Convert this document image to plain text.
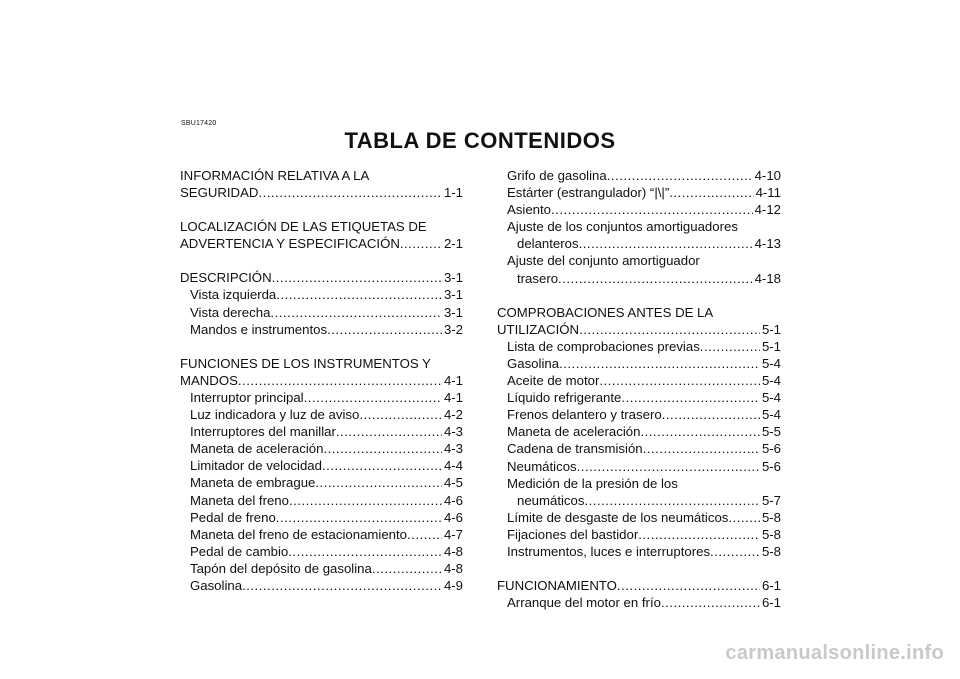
SBU17420
TABLA DE CONTENIDOS
INFORMACIÓN RELATIVA A LA
SEGURIDAD .....	1-1
LOCALIZACIÓN DE LAS ETIQUETAS DE
ADVERTENCIA Y ESPECIFICACIÓN .....	2-1
DESCRIPCIÓN .....	3-1
Vista izquierda .....	3-1
Vista derecha .....	3-1
Mandos e instrumentos .....	3-2
FUNCIONES DE LOS INSTRUMENTOS Y
MANDOS .....	4-1
Interruptor principal .....	4-1
Luz indicadora y luz de aviso .....	4-2
Interruptores del manillar .....	4-3
Maneta de aceleración .....	4-3
Limitador de velocidad .....	4-4
Maneta de embrague .....	4-5
Maneta del freno .....	4-6
Pedal de freno .....	4-6
Maneta del freno de estacionamiento .....	4-7
Pedal de cambio .....	4-8
Tapón del depósito de gasolina .....	4-8
Gasolina .....	4-9
Grifo de gasolina .....	4-10
Estárter (estrangulador) “|\|” .....	4-11
Asiento .....	4-12
Ajuste de los conjuntos amortiguadores
delanteros .....	4-13
Ajuste del conjunto amortiguador
trasero .....	4-18
COMPROBACIONES ANTES DE LA
UTILIZACIÓN .....	5-1
Lista de comprobaciones previas .....	5-1
Gasolina .....	5-4
Aceite de motor .....	5-4
Líquido refrigerante .....	5-4
Frenos delantero y trasero .....	5-4
Maneta de aceleración .....	5-5
Cadena de transmisión .....	5-6
Neumáticos .....	5-6
Medición de la presión de los
neumáticos .....	5-7
Límite de desgaste de los neumáticos .....	5-8
Fijaciones del bastidor .....	5-8
Instrumentos, luces e interruptores .....	5-8
FUNCIONAMIENTO .....	6-1
Arranque del motor en frío .....	6-1
carmanualsonline.info
